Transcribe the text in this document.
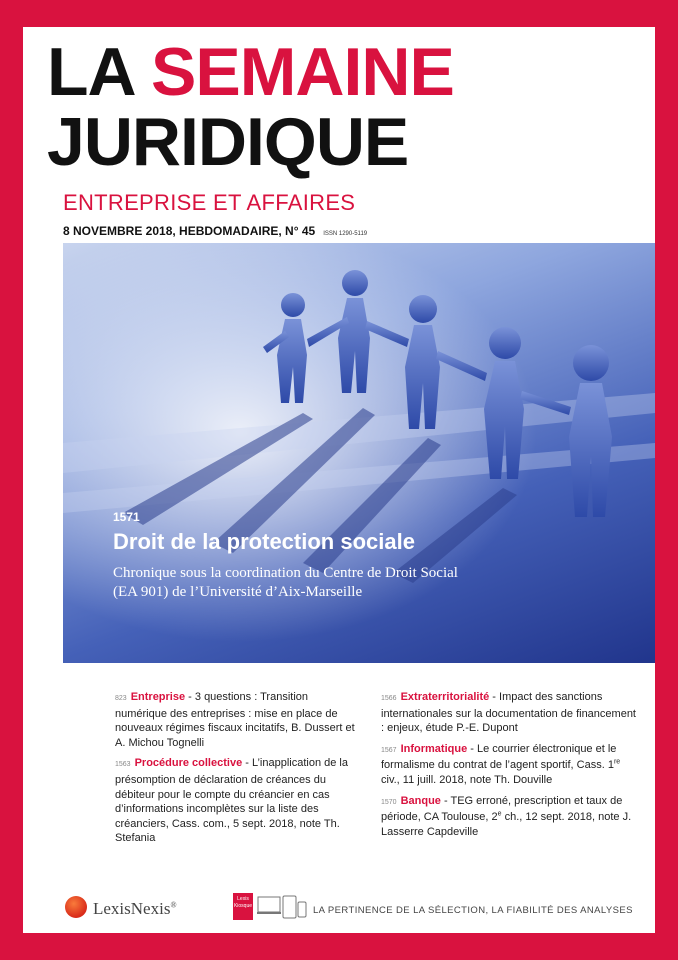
LA SEMAINE
JURIDIQUE
ENTREPRISE ET AFFAIRES
8 NOVEMBRE 2018, HEBDOMADAIRE, N° 45 ISSN 1290-5119
1571
Droit de la protection sociale
Chronique sous la coordination du Centre de Droit Social
(EA 901) de l’Université d’Aix-Marseille
823 Entreprise - 3 questions : Transition numérique des entreprises : mise en place de nouveaux régimes fiscaux incitatifs, B. Dussert et A. Michou Tognelli
1563 Procédure collective - L’inapplication de la présomption de déclaration de créances du débiteur pour le compte du créancier en cas d’informations incomplètes sur la liste des créanciers, Cass. com., 5 sept. 2018, note Th. Stefania
1566 Extraterritorialité - Impact des sanctions internationales sur la documentation de financement : enjeux, étude P.-E. Dupont
1567 Informatique - Le courrier électronique et le formalisme du contrat de l’agent sportif, Cass. 1re civ., 11 juill. 2018, note Th. Douville
1570 Banque - TEG erroné, prescription et taux de période, CA Toulouse, 2e ch., 12 sept. 2018, note J. Lasserre Capdeville
LexisNexis®
Lexis
Kiosque	LA PERTINENCE DE LA SÉLECTION, LA FIABILITÉ DES ANALYSES
